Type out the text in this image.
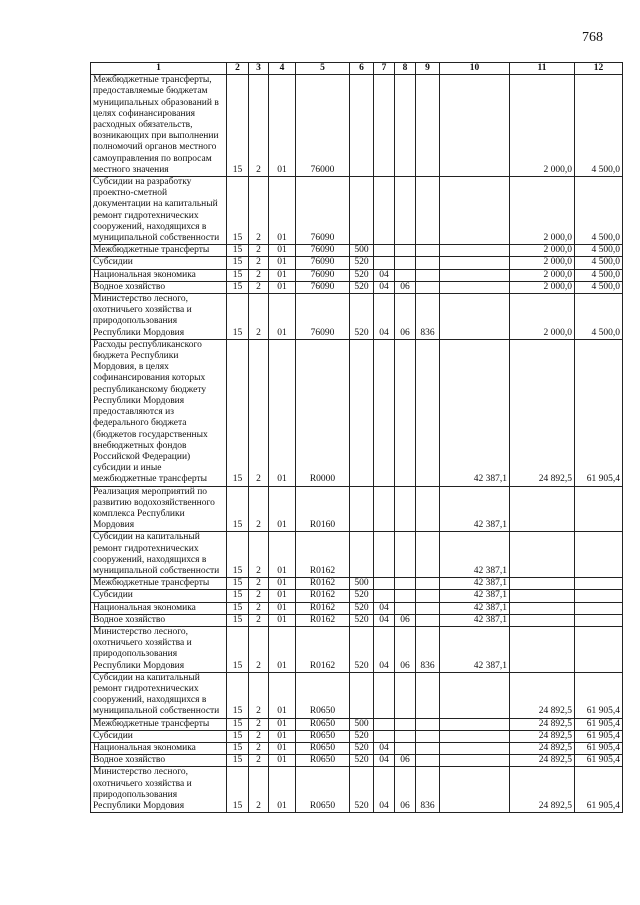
768
1	2	3	4	5	6	7	8	9	10	11	12
Межбюджетные трансферты, предоставляемые бюджетам муниципальных образований в целях софинансирования расходных обязательств, возникающих при выполнении полномочий органов местного самоуправления по вопросам местного значения	15	2	01	76000						2 000,0	4 500,0
Субсидии на разработку проектно-сметной документации на капитальный ремонт гидротехнических сооружений, находящихся в муниципальной собственности	15	2	01	76090						2 000,0	4 500,0
Межбюджетные трансферты	15	2	01	76090	500					2 000,0	4 500,0
Субсидии	15	2	01	76090	520					2 000,0	4 500,0
Национальная экономика	15	2	01	76090	520	04				2 000,0	4 500,0
Водное хозяйство	15	2	01	76090	520	04	06			2 000,0	4 500,0
Министерство лесного, охотничьего хозяйства и природопользования Республики Мордовия	15	2	01	76090	520	04	06	836		2 000,0	4 500,0
Расходы республиканского бюджета Республики Мордовия, в целях софинансирования которых республиканскому бюджету Республики Мордовия предоставляются из федерального бюджета (бюджетов государственных внебюджетных фондов Российской Федерации) субсидии и иные межбюджетные трансферты	15	2	01	R0000					42 387,1	24 892,5	61 905,4
Реализация мероприятий по развитию водохозяйственного комплекса Республики Мордовия	15	2	01	R0160					42 387,1		
Субсидии на капитальный ремонт гидротехнических сооружений, находящихся в муниципальной собственности	15	2	01	R0162					42 387,1		
Межбюджетные трансферты	15	2	01	R0162	500				42 387,1		
Субсидии	15	2	01	R0162	520				42 387,1		
Национальная экономика	15	2	01	R0162	520	04			42 387,1		
Водное хозяйство	15	2	01	R0162	520	04	06		42 387,1		
Министерство лесного, охотничьего хозяйства и природопользования Республики Мордовия	15	2	01	R0162	520	04	06	836	42 387,1		
Субсидии на капитальный ремонт гидротехнических сооружений, находящихся в муниципальной собственности	15	2	01	R0650						24 892,5	61 905,4
Межбюджетные трансферты	15	2	01	R0650	500					24 892,5	61 905,4
Субсидии	15	2	01	R0650	520					24 892,5	61 905,4
Национальная экономика	15	2	01	R0650	520	04				24 892,5	61 905,4
Водное хозяйство	15	2	01	R0650	520	04	06			24 892,5	61 905,4
Министерство лесного, охотничьего хозяйства и природопользования Республики Мордовия	15	2	01	R0650	520	04	06	836		24 892,5	61 905,4
